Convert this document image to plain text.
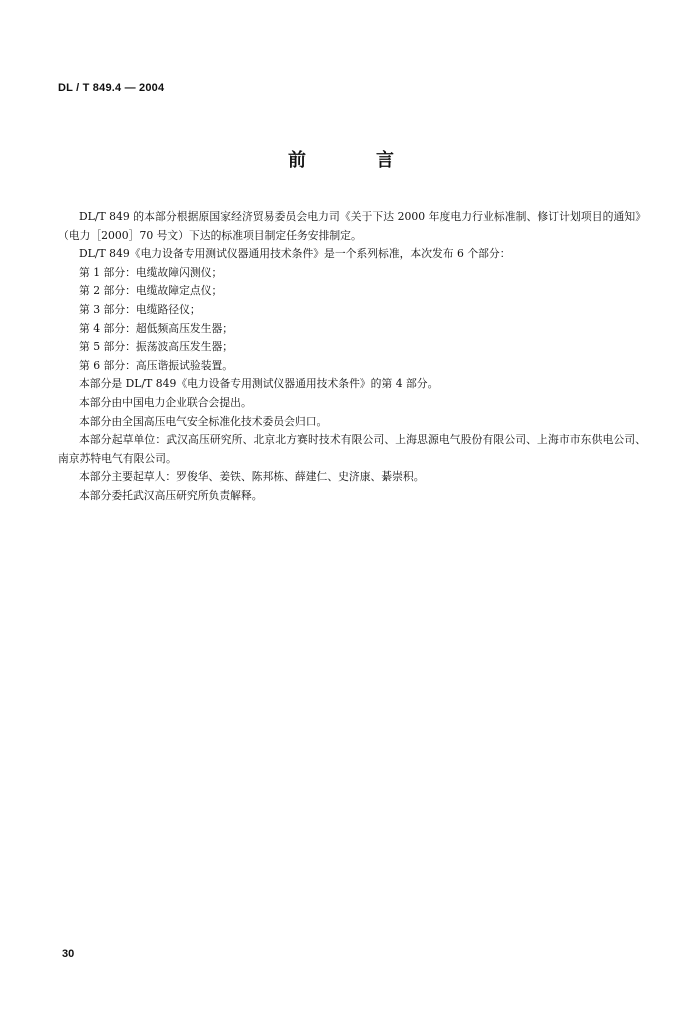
DL / T 849.4 — 2004
前　言

DL/T 849 的本部分根据原国家经济贸易委员会电力司《关于下达 2000 年度电力行业标准制、修订计划项目的通知》（电力［2000］70 号文）下达的标准项目制定任务安排制定。

DL/T 849《电力设备专用测试仪器通用技术条件》是一个系列标准，本次发布 6 个部分：

第 1 部分：电缆故障闪测仪；

第 2 部分：电缆故障定点仪；

第 3 部分：电缆路径仪；

第 4 部分：超低频高压发生器；

第 5 部分：振荡波高压发生器；

第 6 部分：高压谐振试验装置。

本部分是 DL/T 849《电力设备专用测试仪器通用技术条件》的第 4 部分。

本部分由中国电力企业联合会提出。

本部分由全国高压电气安全标准化技术委员会归口。

本部分起草单位：武汉高压研究所、北京北方赛时技术有限公司、上海思源电气股份有限公司、上海市市东供电公司、南京苏特电气有限公司。

本部分主要起草人：罗俊华、姜铁、陈邦栋、薛建仁、史济康、綦崇积。

本部分委托武汉高压研究所负责解释。

30
